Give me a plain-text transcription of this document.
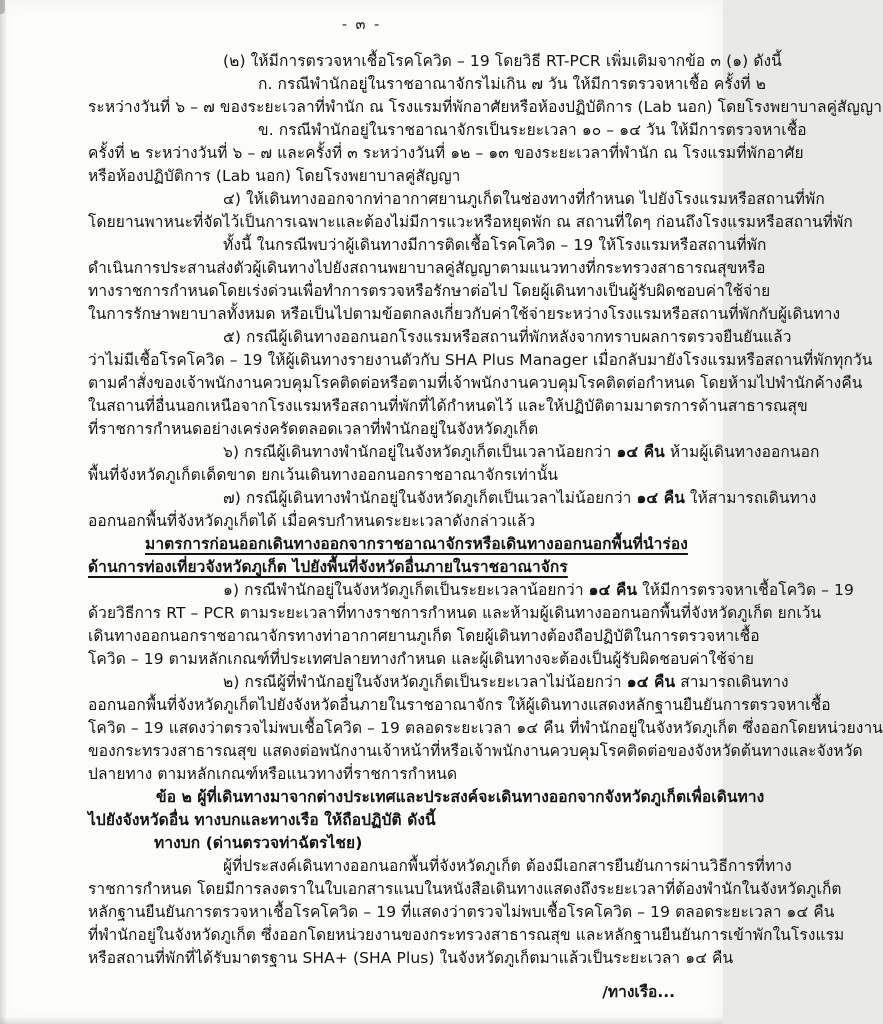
- ๓ -
(๒) ให้มีการตรวจหาเชื้อโรคโควิด – 19 โดยวิธี RT-PCR เพิ่มเติมจากข้อ ๓ (๑) ดังนี้
ก. กรณีพำนักอยู่ในราชอาณาจักรไม่เกิน ๗ วัน ให้มีการตรวจหาเชื้อ ครั้งที่ ๒
ระหว่างวันที่ ๖ – ๗ ของระยะเวลาที่พำนัก ณ โรงแรมที่พักอาศัยหรือห้องปฏิบัติการ (Lab นอก) โดยโรงพยาบาลคู่สัญญา
ข. กรณีพำนักอยู่ในราชอาณาจักรเป็นระยะเวลา ๑๐ – ๑๔ วัน ให้มีการตรวจหาเชื้อ
ครั้งที่ ๒ ระหว่างวันที่ ๖ – ๗ และครั้งที่ ๓ ระหว่างวันที่ ๑๒ – ๑๓ ของระยะเวลาที่พำนัก ณ โรงแรมที่พักอาศัย
หรือห้องปฏิบัติการ (Lab นอก) โดยโรงพยาบาลคู่สัญญา
๔) ให้เดินทางออกจากท่าอากาศยานภูเก็ตในช่องทางที่กำหนด ไปยังโรงแรมหรือสถานที่พัก
โดยยานพาหนะที่จัดไว้เป็นการเฉพาะและต้องไม่มีการแวะหรือหยุดพัก ณ สถานที่ใดๆ ก่อนถึงโรงแรมหรือสถานที่พัก
ทั้งนี้ ในกรณีพบว่าผู้เดินทางมีการติดเชื้อโรคโควิด – 19 ให้โรงแรมหรือสถานที่พัก
ดำเนินการประสานส่งตัวผู้เดินทางไปยังสถานพยาบาลคู่สัญญาตามแนวทางที่กระทรวงสาธารณสุขหรือ
ทางราชการกำหนดโดยเร่งด่วนเพื่อทำการตรวจหรือรักษาต่อไป โดยผู้เดินทางเป็นผู้รับผิดชอบค่าใช้จ่าย
ในการรักษาพยาบาลทั้งหมด หรือเป็นไปตามข้อตกลงเกี่ยวกับค่าใช้จ่ายระหว่างโรงแรมหรือสถานที่พักกับผู้เดินทาง
๕) กรณีผู้เดินทางออกนอกโรงแรมหรือสถานที่พักหลังจากทราบผลการตรวจยืนยันแล้ว
ว่าไม่มีเชื้อโรคโควิด – 19 ให้ผู้เดินทางรายงานตัวกับ SHA Plus Manager เมื่อกลับมายังโรงแรมหรือสถานที่พักทุกวัน
ตามคำสั่งของเจ้าพนักงานควบคุมโรคติดต่อหรือตามที่เจ้าพนักงานควบคุมโรคติดต่อกำหนด โดยห้ามไปพำนักค้างคืน
ในสถานที่อื่นนอกเหนือจากโรงแรมหรือสถานที่พักที่ได้กำหนดไว้ และให้ปฏิบัติตามมาตรการด้านสาธารณสุข
ที่ราชการกำหนดอย่างเคร่งครัดตลอดเวลาที่พำนักอยู่ในจังหวัดภูเก็ต
๖) กรณีผู้เดินทางพำนักอยู่ในจังหวัดภูเก็ตเป็นเวลาน้อยกว่า ๑๔ คืน ห้ามผู้เดินทางออกนอก
พื้นที่จังหวัดภูเก็ตเด็ดขาด ยกเว้นเดินทางออกนอกราชอาณาจักรเท่านั้น
๗) กรณีผู้เดินทางพำนักอยู่ในจังหวัดภูเก็ตเป็นเวลาไม่น้อยกว่า ๑๔ คืน ให้สามารถเดินทาง
ออกนอกพื้นที่จังหวัดภูเก็ตได้ เมื่อครบกำหนดระยะเวลาดังกล่าวแล้ว
มาตรการก่อนออกเดินทางออกจากราชอาณาจักรหรือเดินทางออกนอกพื้นที่นำร่อง
ด้านการท่องเที่ยวจังหวัดภูเก็ต ไปยังพื้นที่จังหวัดอื่นภายในราชอาณาจักร
๑) กรณีพำนักอยู่ในจังหวัดภูเก็ตเป็นระยะเวลาน้อยกว่า ๑๔ คืน ให้มีการตรวจหาเชื้อโควิด – 19
ด้วยวิธีการ RT – PCR ตามระยะเวลาที่ทางราชการกำหนด และห้ามผู้เดินทางออกนอกพื้นที่จังหวัดภูเก็ต ยกเว้น
เดินทางออกนอกราชอาณาจักรทางท่าอากาศยานภูเก็ต โดยผู้เดินทางต้องถือปฏิบัติในการตรวจหาเชื้อ
โควิด – 19 ตามหลักเกณฑ์ที่ประเทศปลายทางกำหนด และผู้เดินทางจะต้องเป็นผู้รับผิดชอบค่าใช้จ่าย
๒) กรณีผู้ที่พำนักอยู่ในจังหวัดภูเก็ตเป็นระยะเวลาไม่น้อยกว่า ๑๔ คืน สามารถเดินทาง
ออกนอกพื้นที่จังหวัดภูเก็ตไปยังจังหวัดอื่นภายในราชอาณาจักร ให้ผู้เดินทางแสดงหลักฐานยืนยันการตรวจหาเชื้อ
โควิด – 19 แสดงว่าตรวจไม่พบเชื้อโควิด – 19 ตลอดระยะเวลา ๑๔ คืน ที่พำนักอยู่ในจังหวัดภูเก็ต ซึ่งออกโดยหน่วยงาน
ของกระทรวงสาธารณสุข แสดงต่อพนักงานเจ้าหน้าที่หรือเจ้าพนักงานควบคุมโรคติดต่อของจังหวัดต้นทางและจังหวัด
ปลายทาง ตามหลักเกณฑ์หรือแนวทางที่ราชการกำหนด
ข้อ ๒ ผู้ที่เดินทางมาจากต่างประเทศและประสงค์จะเดินทางออกจากจังหวัดภูเก็ตเพื่อเดินทาง
ไปยังจังหวัดอื่น ทางบกและทางเรือ ให้ถือปฏิบัติ ดังนี้
ทางบก (ด่านตรวจท่าฉัตรไชย)
ผู้ที่ประสงค์เดินทางออกนอกพื้นที่จังหวัดภูเก็ต ต้องมีเอกสารยืนยันการผ่านวิธีการที่ทาง
ราชการกำหนด โดยมีการลงตราในใบเอกสารแนบในหนังสือเดินทางแสดงถึงระยะเวลาที่ต้องพำนักในจังหวัดภูเก็ต
หลักฐานยืนยันการตรวจหาเชื้อโรคโควิด – 19 ที่แสดงว่าตรวจไม่พบเชื้อโรคโควิด – 19 ตลอดระยะเวลา ๑๔ คืน
ที่พำนักอยู่ในจังหวัดภูเก็ต ซึ่งออกโดยหน่วยงานของกระทรวงสาธารณสุข และหลักฐานยืนยันการเข้าพักในโรงแรม
หรือสถานที่พักที่ได้รับมาตรฐาน SHA+ (SHA Plus) ในจังหวัดภูเก็ตมาแล้วเป็นระยะเวลา ๑๔ คืน
/ทางเรือ...
